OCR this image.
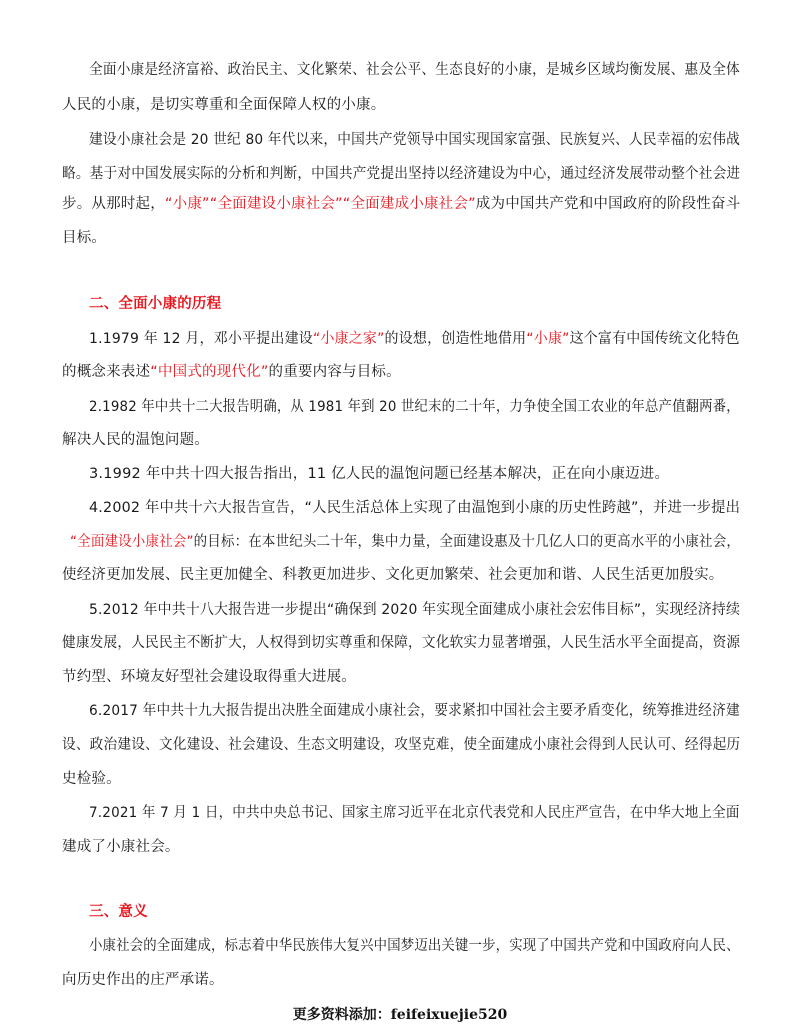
全面小康是经济富裕、政治民主、文化繁荣、社会公平、生态良好的小康，是城乡区域均衡发展、惠及全体
人民的小康，是切实尊重和全面保障人权的小康。
建设小康社会是 20 世纪 80 年代以来，中国共产党领导中国实现国家富强、民族复兴、人民幸福的宏伟战
略。基于对中国发展实际的分析和判断，中国共产党提出坚持以经济建设为中心，通过经济发展带动整个社会进
步。从那时起，“小康”“全面建设小康社会”“全面建成小康社会”成为中国共产党和中国政府的阶段性奋斗
目标。
二、全面小康的历程
1.1979 年 12 月，邓小平提出建设“小康之家”的设想，创造性地借用“小康”这个富有中国传统文化特色
的概念来表述“中国式的现代化”的重要内容与目标。
2.1982 年中共十二大报告明确，从 1981 年到 20 世纪末的二十年，力争使全国工农业的年总产值翻两番，
解决人民的温饱问题。
3.1992 年中共十四大报告指出，11 亿人民的温饱问题已经基本解决，正在向小康迈进。
4.2002 年中共十六大报告宣告，“人民生活总体上实现了由温饱到小康的历史性跨越”，并进一步提出
“全面建设小康社会”的目标：在本世纪头二十年，集中力量，全面建设惠及十几亿人口的更高水平的小康社会，
使经济更加发展、民主更加健全、科教更加进步、文化更加繁荣、社会更加和谐、人民生活更加殷实。
5.2012 年中共十八大报告进一步提出“确保到 2020 年实现全面建成小康社会宏伟目标”，实现经济持续
健康发展，人民民主不断扩大，人权得到切实尊重和保障，文化软实力显著增强，人民生活水平全面提高，资源
节约型、环境友好型社会建设取得重大进展。
6.2017 年中共十九大报告提出决胜全面建成小康社会，要求紧扣中国社会主要矛盾变化，统筹推进经济建
设、政治建设、文化建设、社会建设、生态文明建设，攻坚克难，使全面建成小康社会得到人民认可、经得起历
史检验。
7.2021 年 7 月 1 日，中共中央总书记、国家主席习近平在北京代表党和人民庄严宣告，在中华大地上全面
建成了小康社会。
三、意义
小康社会的全面建成，标志着中华民族伟大复兴中国梦迈出关键一步，实现了中国共产党和中国政府向人民、
向历史作出的庄严承诺。
更多资料添加：feifeixuejie520
